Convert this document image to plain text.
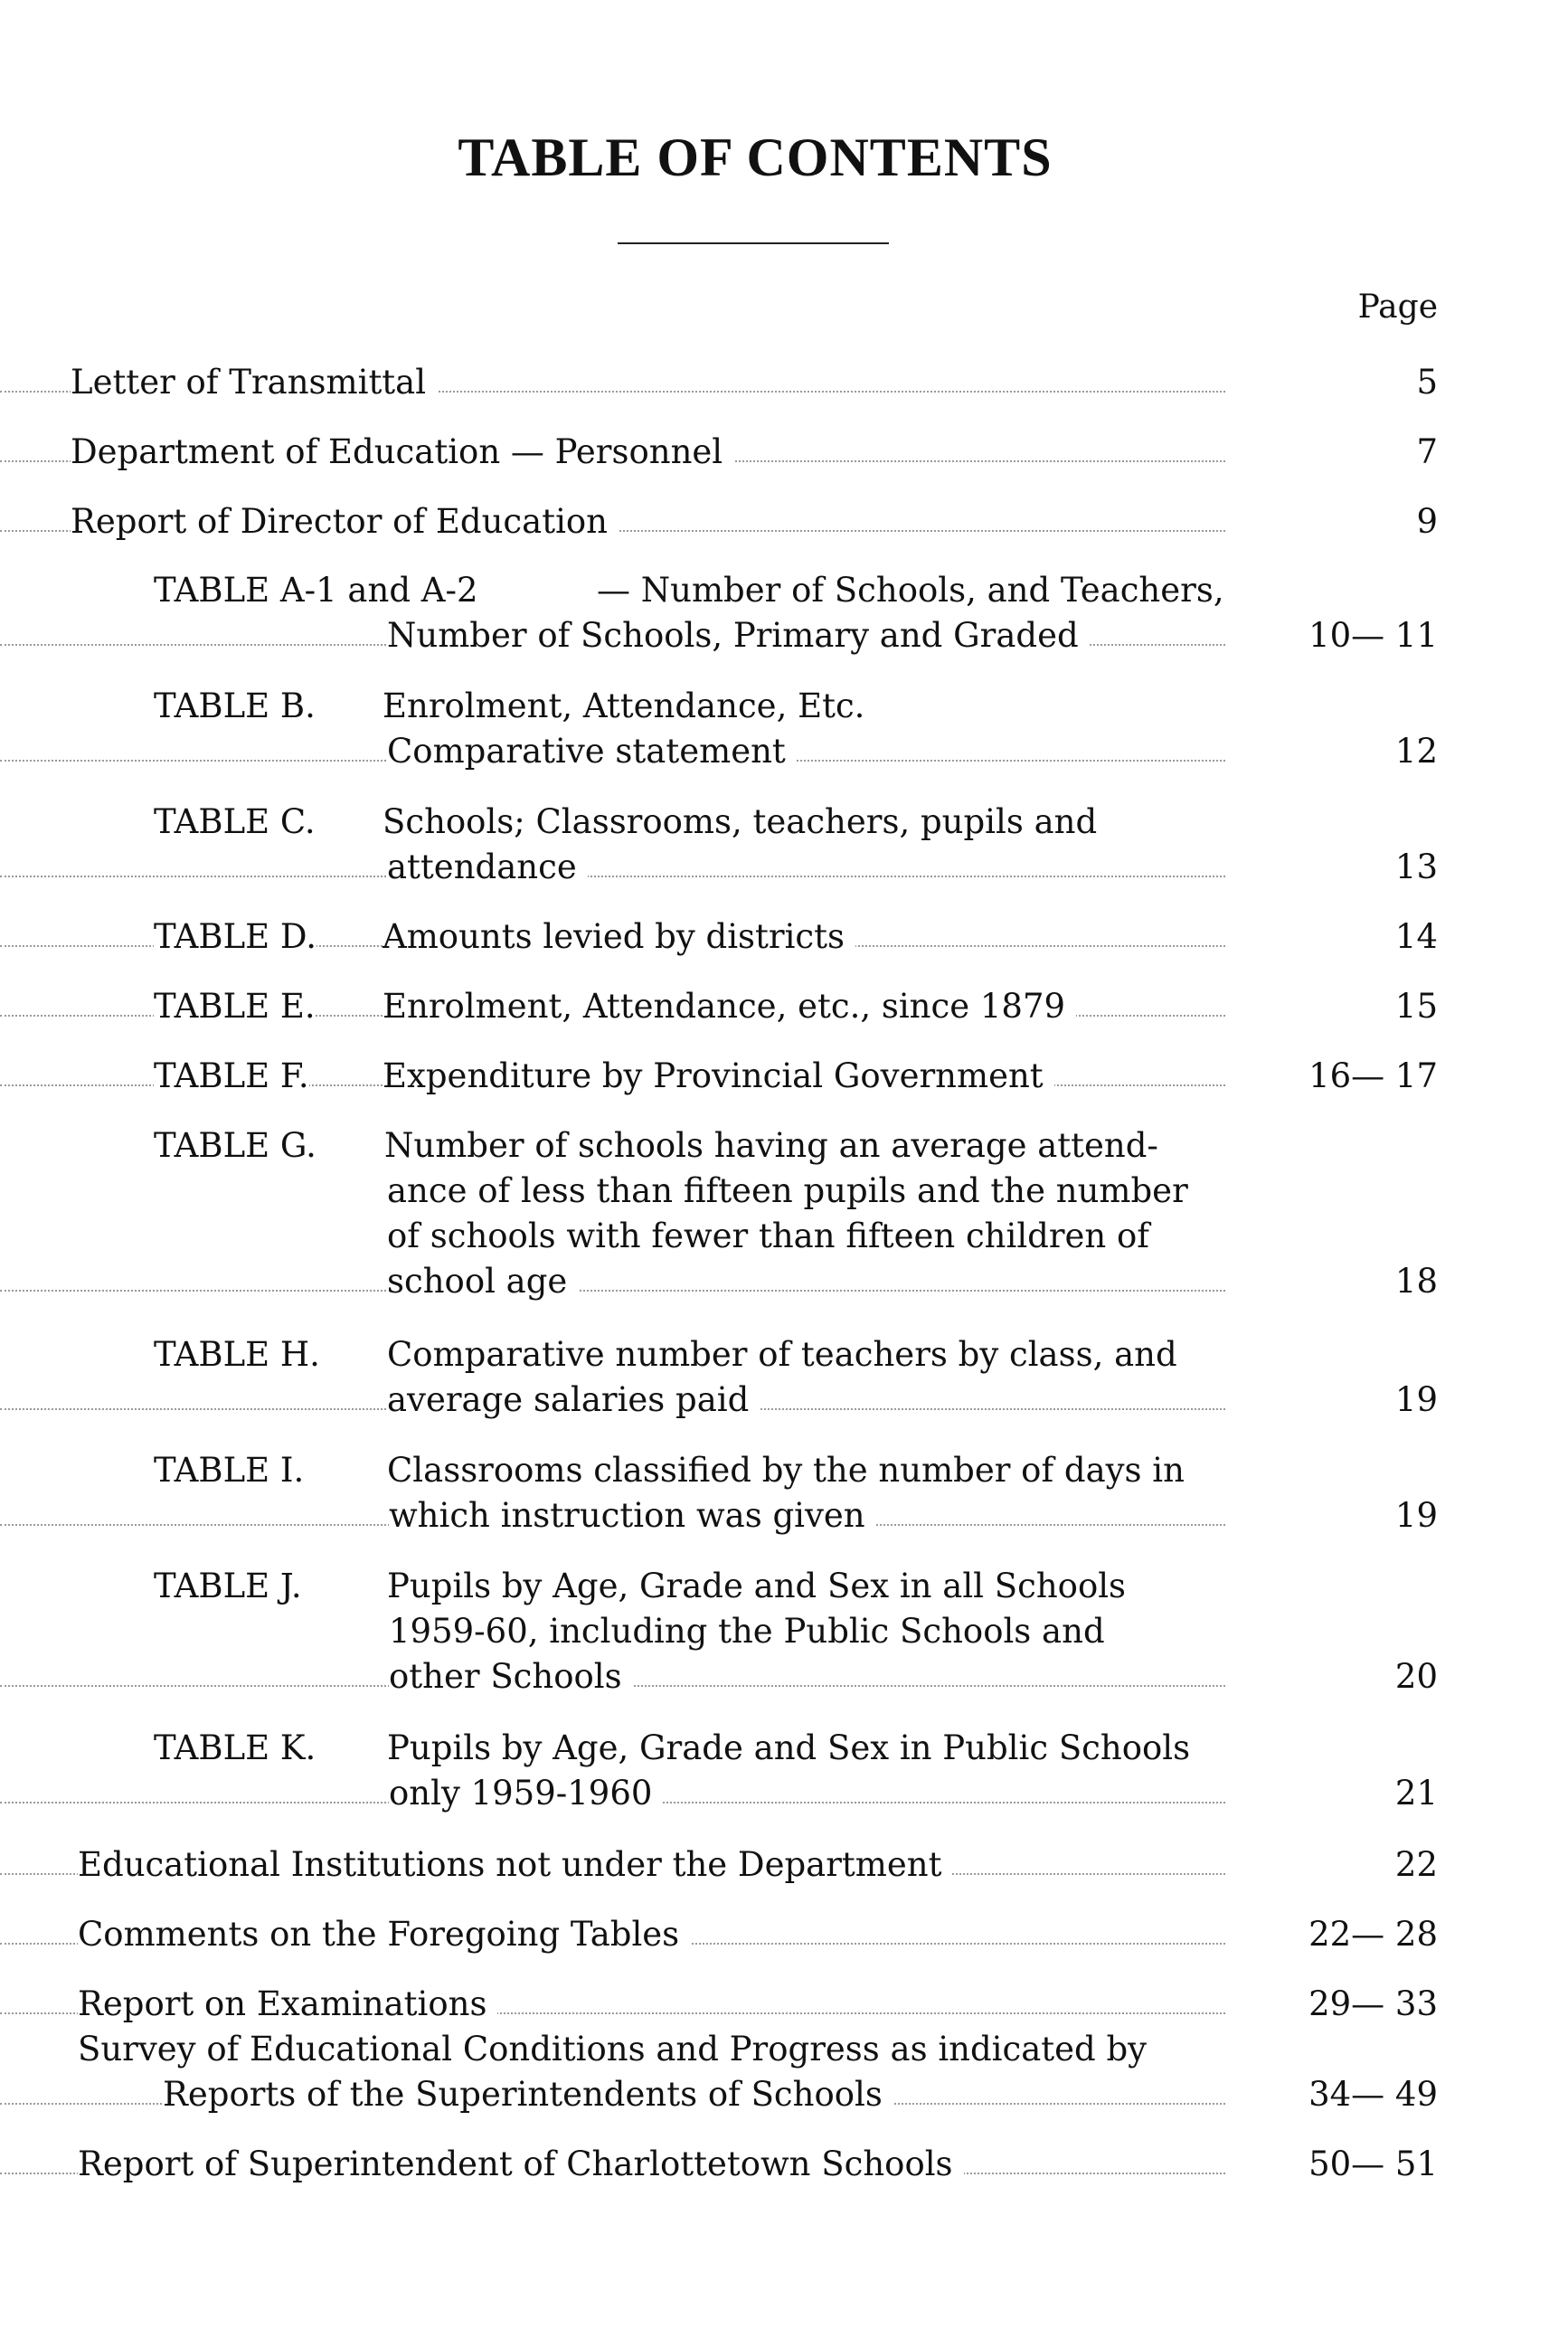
TABLE OF CONTENTS
Page
Letter of Transmittal	5
Department of Education — Personnel	7
Report of Director of Education	9
TABLE A-1 and A-2	— Number of Schools, and Teachers,
Number of Schools, Primary and Graded	10— 11
TABLE B. Enrolment, Attendance, Etc.
Comparative statement	12
TABLE C. Schools; Classrooms, teachers, pupils and
attendance	13
TABLE D. Amounts levied by districts	14
TABLE E. Enrolment, Attendance, etc., since 1879	15
TABLE F. Expenditure by Provincial Government	16— 17
TABLE G. Number of schools having an average attend-
ance of less than fifteen pupils and the number
of schools with fewer than fifteen children of
school age	18
TABLE H. Comparative number of teachers by class, and
average salaries paid	19
TABLE I. Classrooms classified by the number of days in
which instruction was given	19
TABLE J.	Pupils by Age, Grade and Sex in all Schools
1959-60, including the Public Schools and
other Schools	20
TABLE K. Pupils by Age, Grade and Sex in Public Schools
only 1959-1960	21
Educational Institutions not under the Department	22
Comments on the Foregoing Tables	22— 28
Report on Examinations	29— 33
Survey of Educational Conditions and Progress as indicated by
Reports of the Superintendents of Schools	34— 49
Report of Superintendent of Charlottetown Schools	50— 51
